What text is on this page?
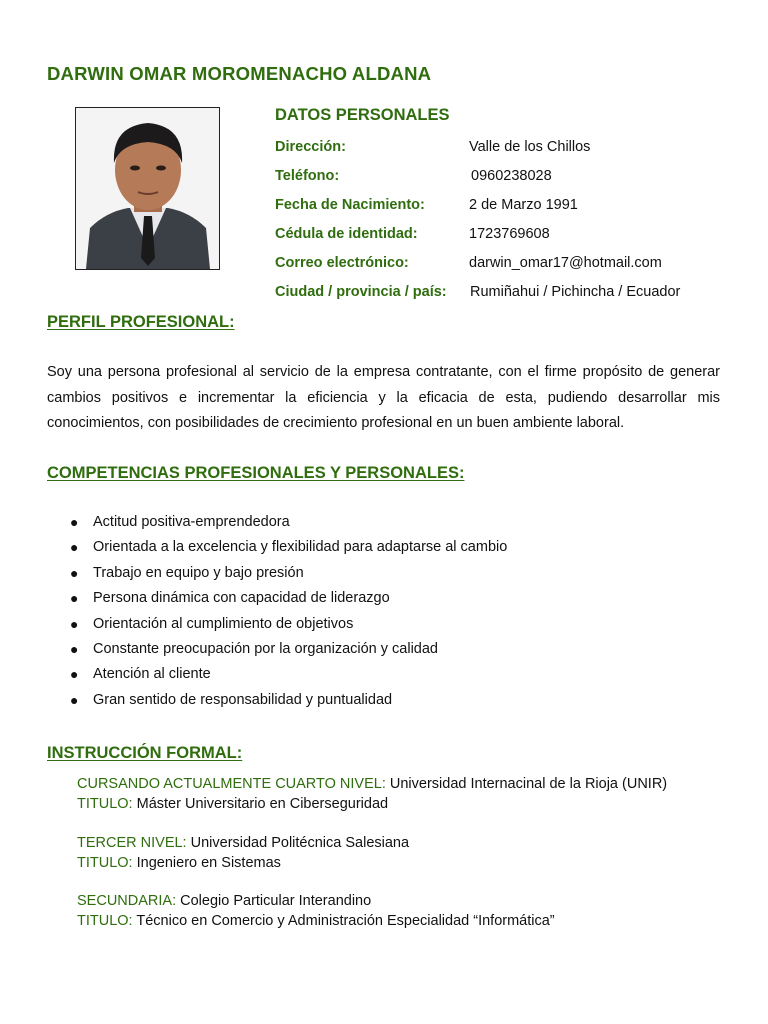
DARWIN OMAR MOROMENACHO ALDANA
DATOS PERSONALES
Dirección:	Valle de los Chillos
Teléfono:	0960238028
Fecha de Nacimiento:	2 de Marzo 1991
Cédula de identidad:	1723769608
Correo electrónico:	darwin_omar17@hotmail.com
Ciudad / provincia / país: Rumiñahui / Pichincha / Ecuador
PERFIL PROFESIONAL:
Soy una persona profesional al servicio de la empresa contratante, con el firme propósito de generar cambios positivos e incrementar la eficiencia y la eficacia de esta, pudiendo desarrollar mis conocimientos, con posibilidades de crecimiento profesional en un buen ambiente laboral.
COMPETENCIAS PROFESIONALES Y PERSONALES:
● Actitud positiva-emprendedora
● Orientada a la excelencia y flexibilidad para adaptarse al cambio
● Trabajo en equipo y bajo presión
● Persona dinámica con capacidad de liderazgo
● Orientación al cumplimiento de objetivos
● Constante preocupación por la organización y calidad
● Atención al cliente
● Gran sentido de responsabilidad y puntualidad
INSTRUCCIÓN FORMAL:
CURSANDO ACTUALMENTE CUARTO NIVEL: Universidad Internacinal de la Rioja (UNIR)
TITULO: Máster Universitario en Ciberseguridad
TERCER NIVEL: Universidad Politécnica Salesiana
TITULO: Ingeniero en Sistemas
SECUNDARIA: Colegio Particular Interandino
TITULO: Técnico en Comercio y Administración Especialidad “Informática”
